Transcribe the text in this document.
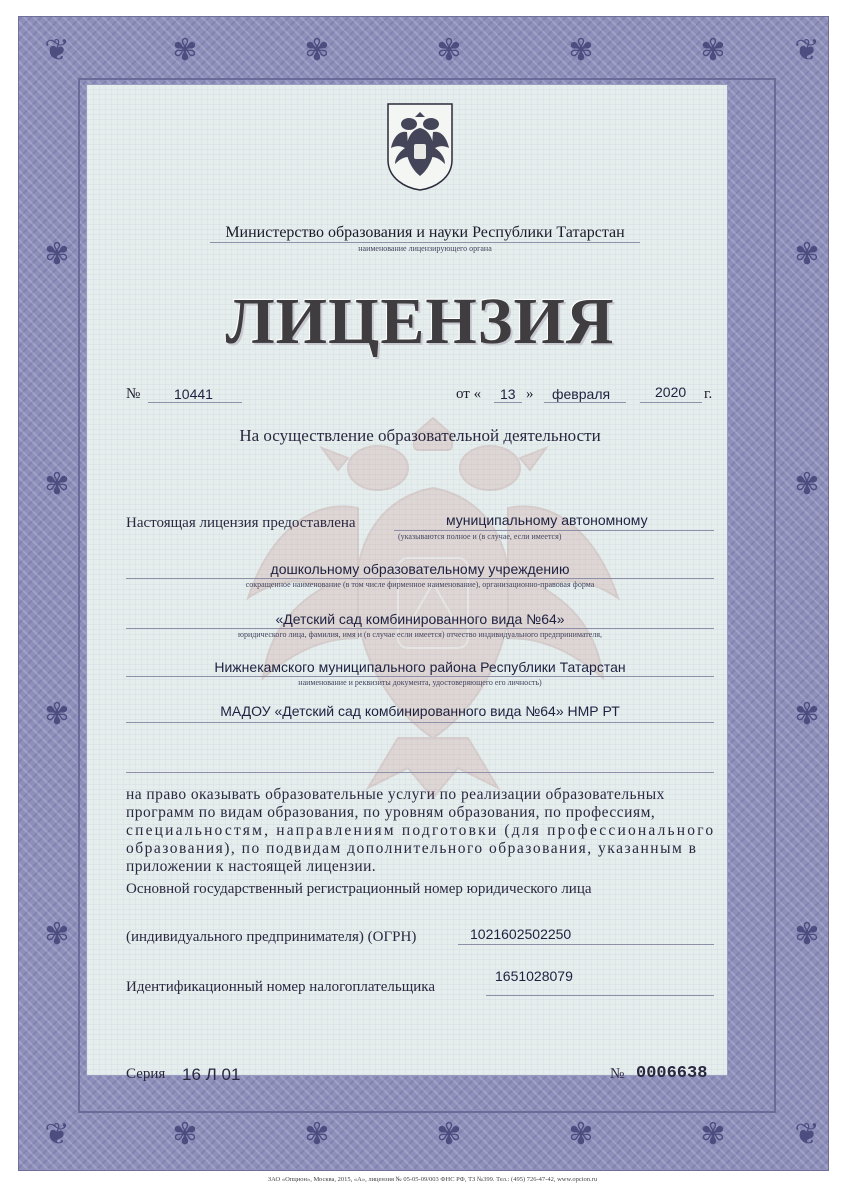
❦	❦
❦	❦
✾	✾	✾	✾	✾
✾	✾	✾	✾	✾
✾
✾
✾
✾
✾
✾
✾
✾
Министерство образования и науки Республики Татарстан
наименование лицензирующего органа
ЛИЦЕНЗИЯ
№ 10441	от « 13 » февраля	2020 г.
На осуществление образовательной деятельности
Настоящая лицензия предоставлена	муниципальному автономному
(указываются полное и (в случае, если имеется)
дошкольному образовательному учреждению
сокращенное наименование (в том числе фирменное наименование), организационно-правовая форма
«Детский сад комбинированного вида №64»
юридического лица, фамилия, имя и (в случае если имеется) отчество индивидуального предпринимателя,
Нижнекамского муниципального района Республики Татарстан
наименование и реквизиты документа, удостоверяющего его личность)
МАДОУ «Детский сад комбинированного вида №64» НМР РТ
на право оказывать образовательные услуги по реализации образовательных
программ по видам образования, по уровням образования, по профессиям,
специальностям, направлениям подготовки (для профессионального
образования), по подвидам дополнительного образования, указанным в
приложении к настоящей лицензии.
Основной государственный регистрационный номер юридического лица
(индивидуального предпринимателя) (ОГРН)	1021602502250
Идентификационный номер налогоплательщика
1651028079
Серия 16 Л 01	№ 0006638
ЗАО «Опцион», Москва, 2015, «А», лицензия № 05-05-09/003 ФНС РФ, ТЗ №399. Тел.: (495) 726-47-42, www.opcion.ru
